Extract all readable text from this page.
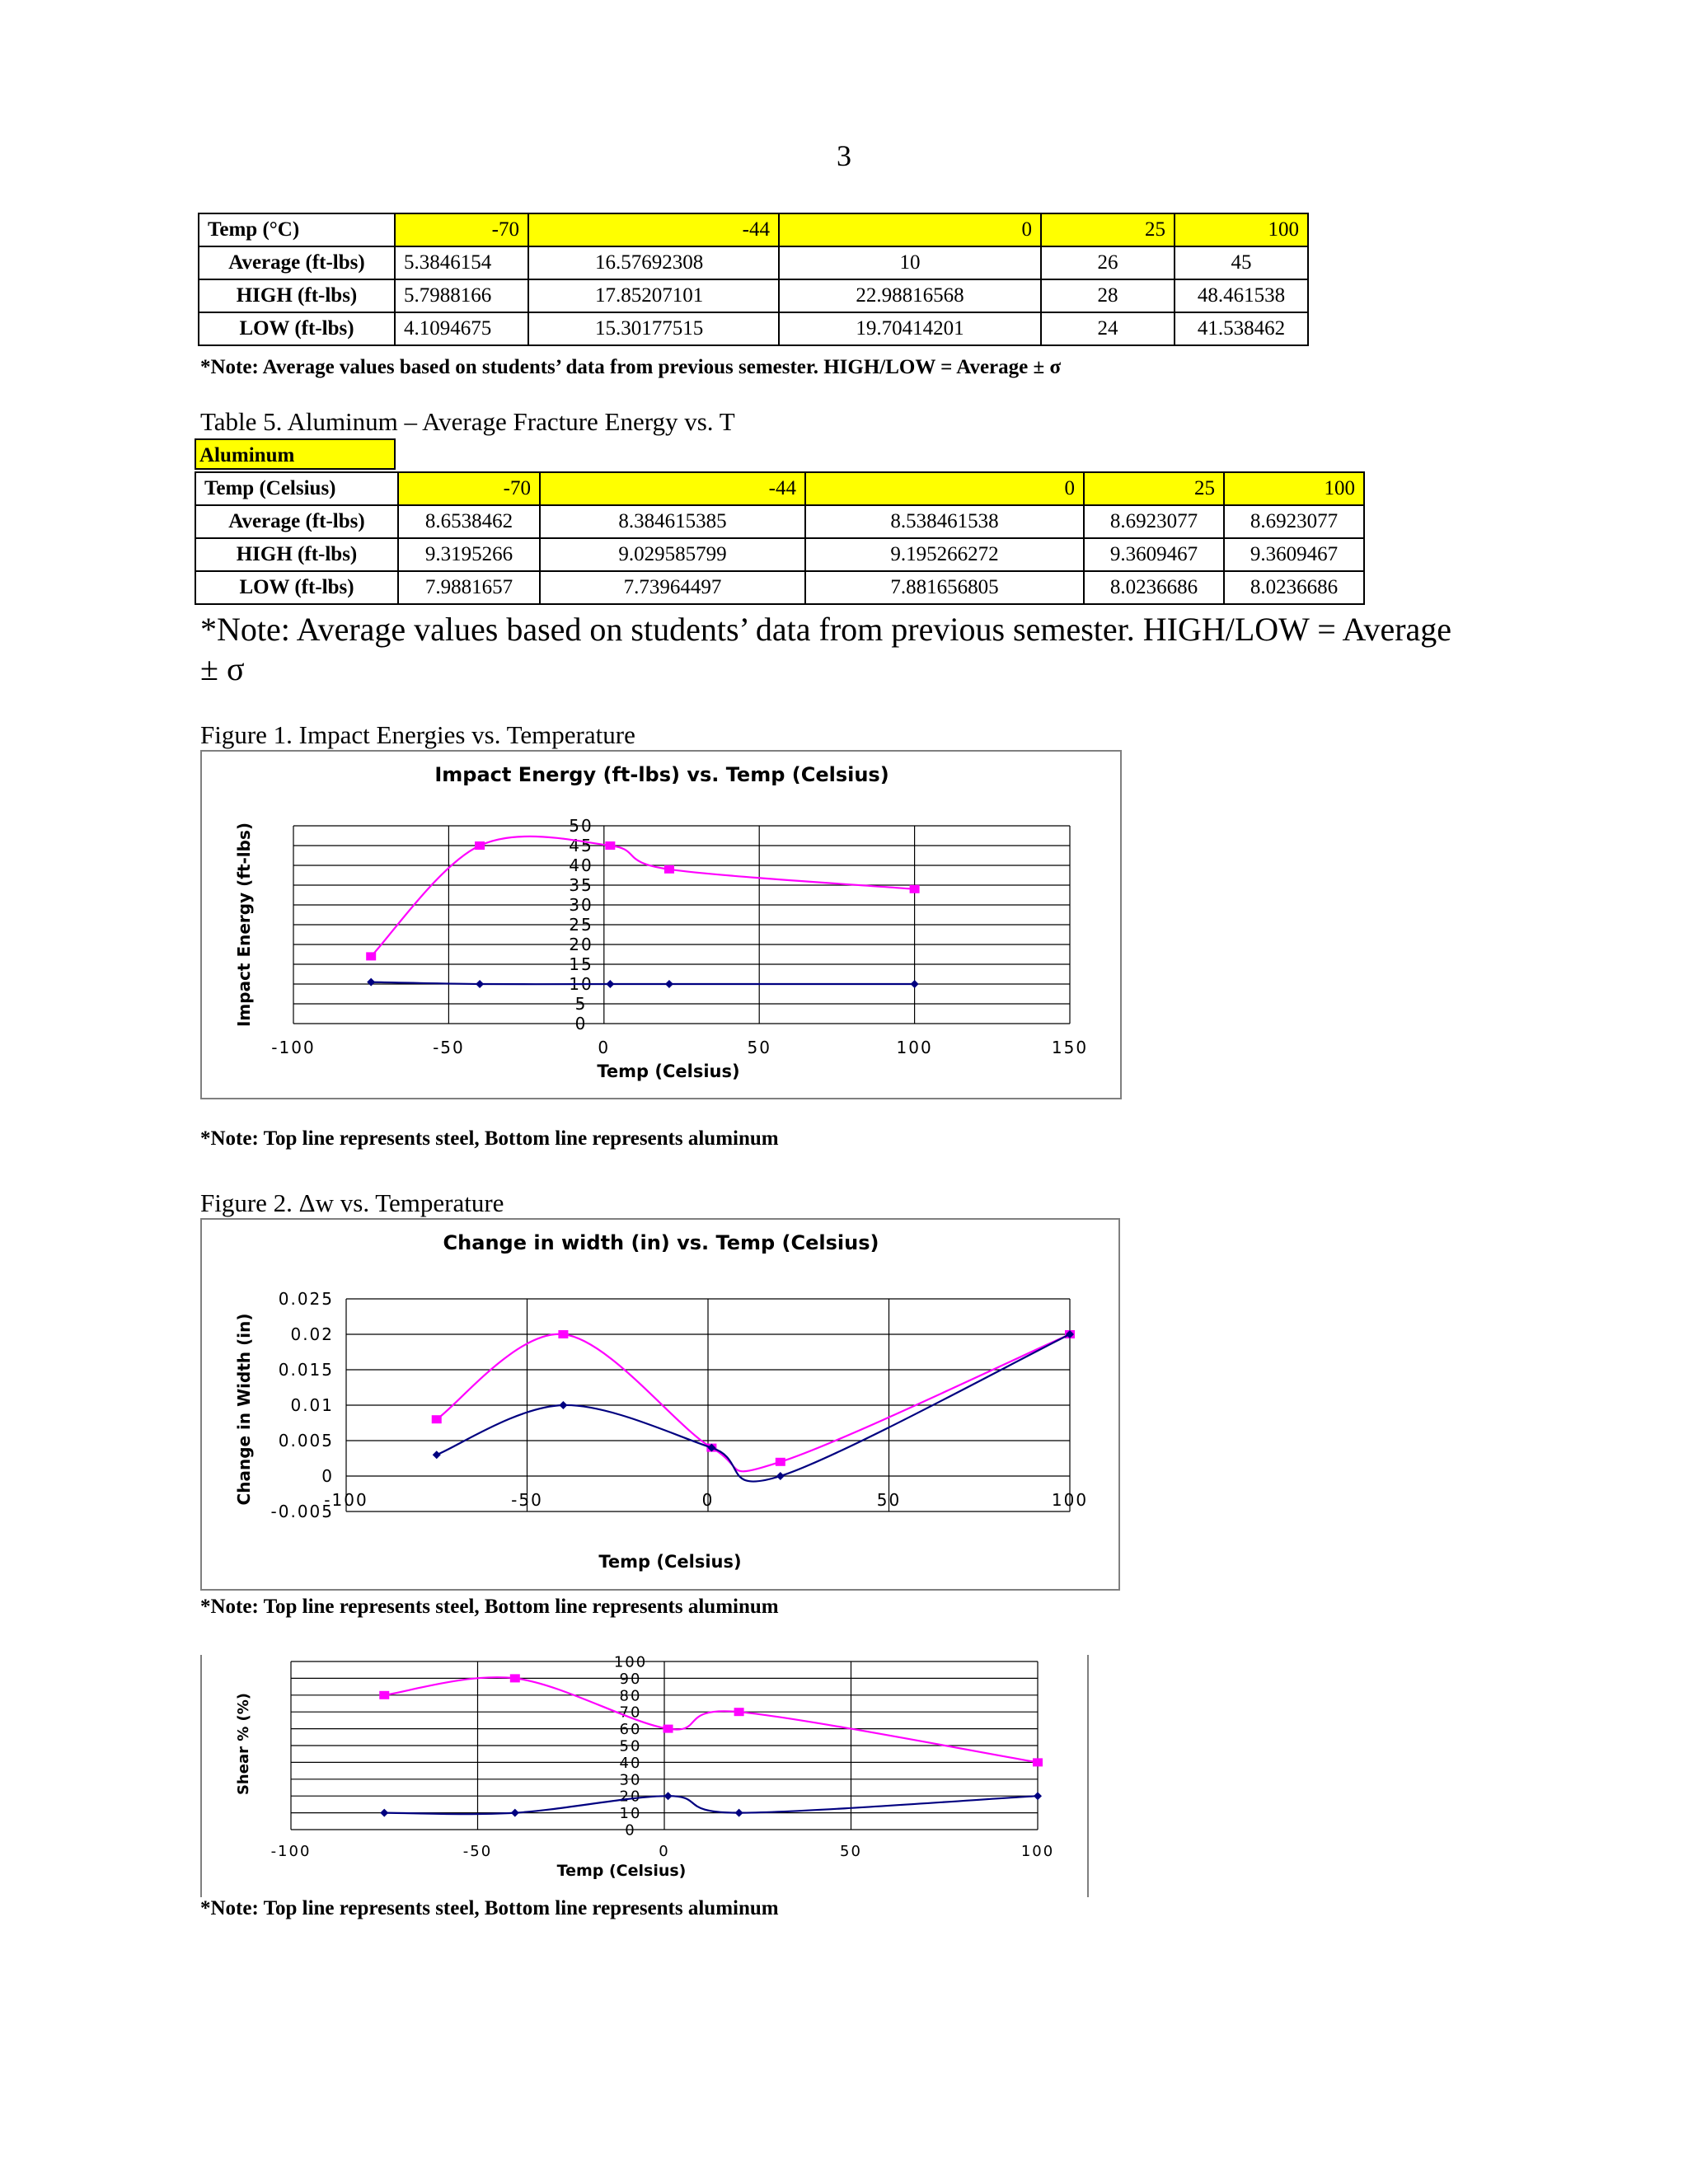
3
Temp (°C)	-70	-44	0	25	100
Average (ft-lbs)	5.3846154	16.57692308	10	26	45
HIGH (ft-lbs)	5.7988166	17.85207101	22.98816568	28	48.461538
LOW (ft-lbs)	4.1094675	15.30177515	19.70414201	24	41.538462
*Note: Average values based on students’ data from previous semester. HIGH/LOW = Average ± σ
Table 5. Aluminum – Average Fracture Energy vs. T
Aluminum
Temp (Celsius)	-70	-44	0	25	100
Average (ft-lbs)	8.6538462	8.384615385	8.538461538	8.6923077	8.6923077
HIGH (ft-lbs)	9.3195266	9.029585799	9.195266272	9.3609467	9.3609467
LOW (ft-lbs)	7.9881657	7.73964497	7.881656805	8.0236686	8.0236686
*Note: Average values based on students’ data from previous semester. HIGH/LOW = Average
± σ
Figure 1. Impact Energies vs. Temperature
Impact Energy (ft-lbs) vs. Temp (Celsius)
0
5
10
15
20
25
30
35
40
45
50
-100	-50	0	50	100	150
Temp (Celsius)
Impact Energy (ft-lbs)
*Note: Top line represents steel, Bottom line represents aluminum
Figure 2. Δw vs. Temperature
Change in width (in) vs. Temp (Celsius)
-0.005
0
0.005
0.01
0.015
0.02
0.025
-100	-50	0	50	100
Temp (Celsius)
Change in Width (in)
*Note: Top line represents steel, Bottom line represents aluminum
0
10
20
30
40
50
60
70
80
90
100
-100	-50	0	50	100
Temp (Celsius)
Shear % (%)
*Note: Top line represents steel, Bottom line represents aluminum
